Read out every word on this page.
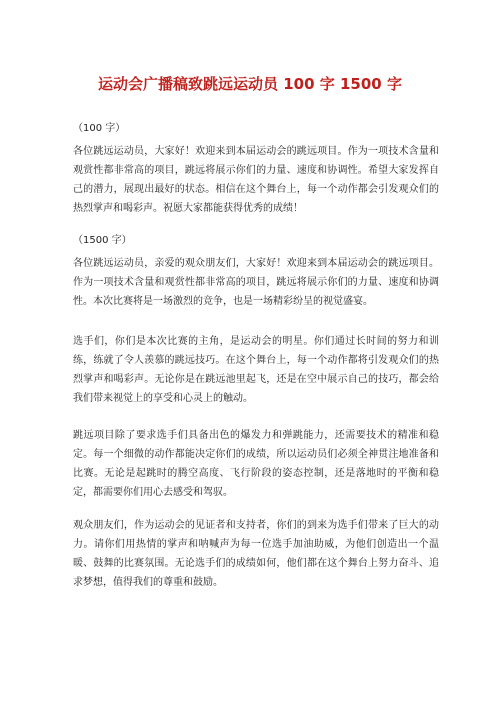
运动会广播稿致跳远运动员 100 字 1500 字

（100 字）

各位跳远运动员，大家好！欢迎来到本届运动会的跳远项目。作为一项技术含量和观赏性都非常高的项目，跳远将展示你们的力量、速度和协调性。希望大家发挥自己的潜力，展现出最好的状态。相信在这个舞台上，每一个动作都会引发观众们的热烈掌声和喝彩声。祝愿大家都能获得优秀的成绩！

（1500 字）

各位跳远运动员，亲爱的观众朋友们，大家好！欢迎来到本届运动会的跳远项目。作为一项技术含量和观赏性都非常高的项目，跳远将展示你们的力量、速度和协调性。本次比赛将是一场激烈的竞争，也是一场精彩纷呈的视觉盛宴。

选手们，你们是本次比赛的主角，是运动会的明星。你们通过长时间的努力和训练，练就了令人羡慕的跳远技巧。在这个舞台上，每一个动作都将引发观众们的热烈掌声和喝彩声。无论你是在跳远池里起飞，还是在空中展示自己的技巧，都会给我们带来视觉上的享受和心灵上的触动。

跳远项目除了要求选手们具备出色的爆发力和弹跳能力，还需要技术的精准和稳定。每一个细微的动作都能决定你们的成绩，所以运动员们必须全神贯注地准备和比赛。无论是起跳时的腾空高度、飞行阶段的姿态控制，还是落地时的平衡和稳定，都需要你们用心去感受和驾驭。

观众朋友们，作为运动会的见证者和支持者，你们的到来为选手们带来了巨大的动力。请你们用热情的掌声和呐喊声为每一位选手加油助威，为他们创造出一个温暖、鼓舞的比赛氛围。无论选手们的成绩如何，他们都在这个舞台上努力奋斗、追求梦想，值得我们的尊重和鼓励。
